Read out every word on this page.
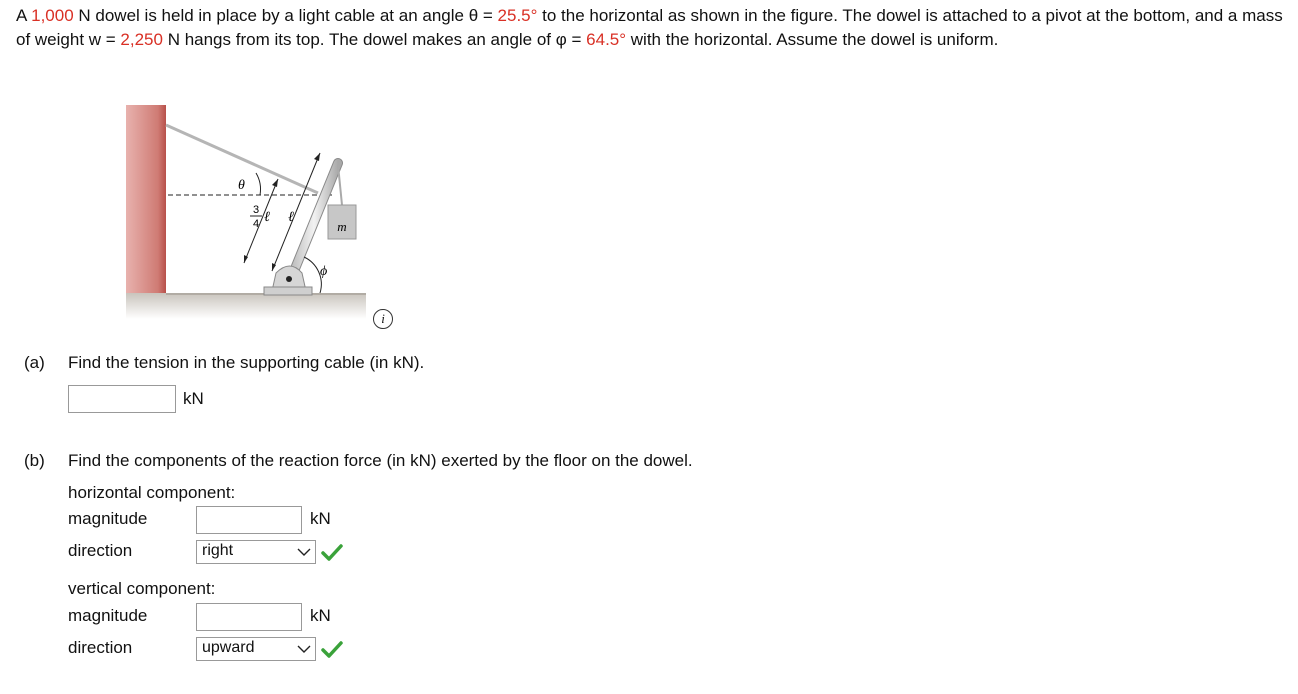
A 1,000 N dowel is held in place by a light cable at an angle θ = 25.5° to the horizontal as shown in the figure. The dowel is attached to a pivot at the bottom, and a mass of weight w = 2,250 N hangs from its top. The dowel makes an angle of φ = 64.5° with the horizontal. Assume the dowel is uniform.
m
ϕ
θ
ℓ
3
4 ℓ
i
(a) Find the tension in the supporting cable (in kN).
kN
(b) Find the components of the reaction force (in kN) exerted by the floor on the dowel.
horizontal component:
magnitude	kN
direction	right
vertical component:
magnitude	kN
direction	upward
